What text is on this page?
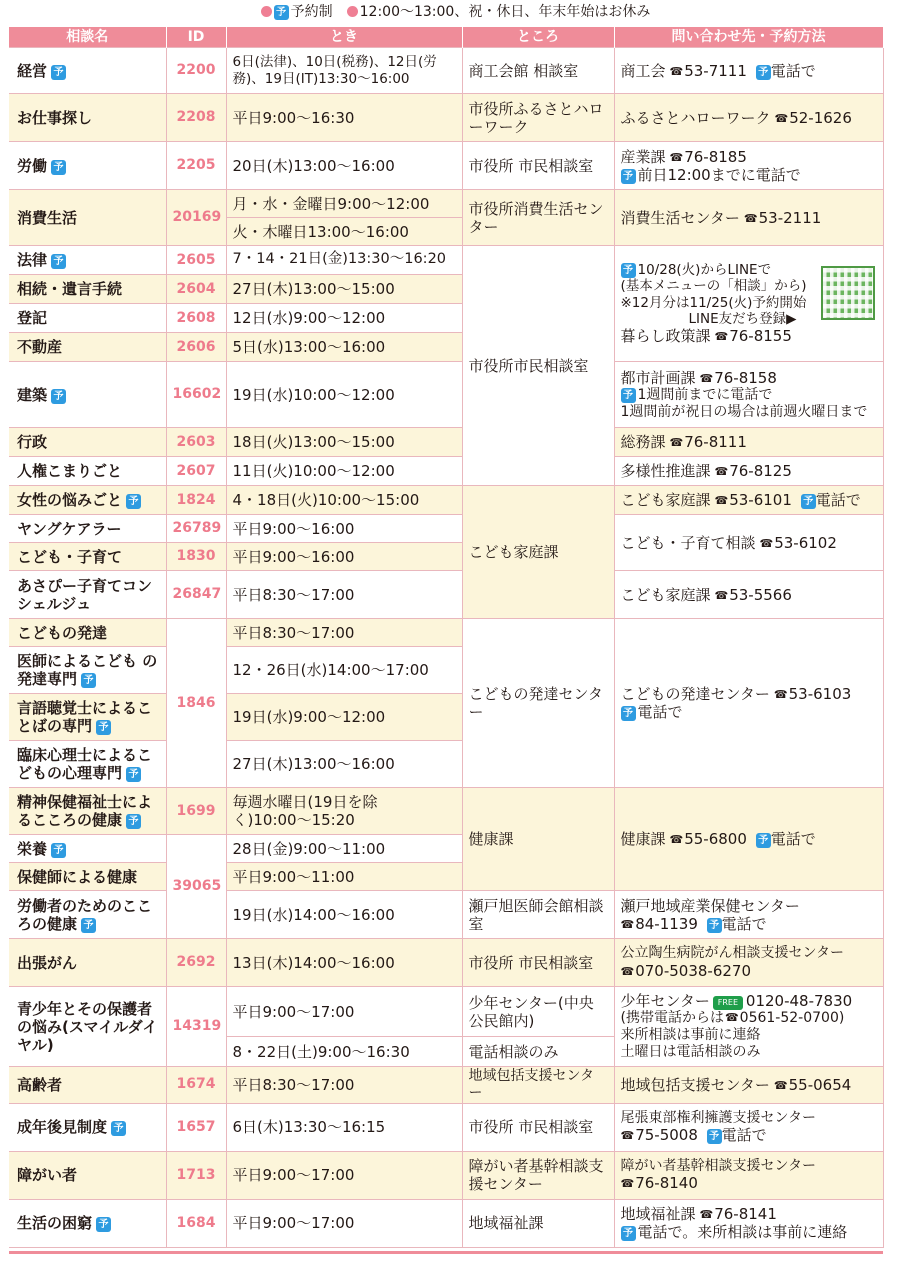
予 予約制 12:00〜13:00、祝・休日、年末年始はお休み
相談名	ID	とき	ところ	問い合わせ先・予約方法
経営 予	2200	6日(法律)、10日(税務)、12日(労務)、19日(IT)13:30〜16:00	商工会館 相談室	商工会 ☎53-7111 予 電話で
お仕事探し	2208	平日9:00〜16:30	市役所ふるさとハローワーク	ふるさとハローワーク ☎52-1626
労働 予	2205	20日(木)13:00〜16:00	市役所 市民相談室	産業課 ☎76-8185
予 前日12:00までに電話で

消費生活	20169	月・水・金曜日9:00〜12:00	市役所消費生活センター	消費生活センター ☎53-2111
		火・木曜日13:00〜16:00		
法律 予	2605	7・14・21日(金)13:30〜16:20	市役所市民相談室	予 10/28(火)からLINEで
(基本メニューの「相談」から)
※12月分は11/25(火)予約開始
LINE友だち登録▶
暮らし政策課 ☎76-8155

相続・遺言手続	2604	27日(木)13:00〜15:00		
登記	2608	12日(水)9:00〜12:00		
不動産	2606	5日(水)13:00〜16:00		
建築 予	16602	19日(水)10:00〜12:00		都市計画課 ☎76-8158
予 1週間前までに電話で
1週間前が祝日の場合は前週火曜日まで

行政	2603	18日(火)13:00〜15:00		総務課 ☎76-8111
人権こまりごと	2607	11日(火)10:00〜12:00		多様性推進課 ☎76-8125
女性の悩みごと 予	1824	4・18日(火)10:00〜15:00	こども家庭課	こども家庭課 ☎53-6101 予 電話で
ヤングケアラー	26789	平日9:00〜16:00		こども・子育て相談 ☎53-6102
こども・子育て	1830	平日9:00〜16:00		
あさぴー子育てコンシェルジュ	26847	平日8:30〜17:00		こども家庭課 ☎53-5566
こどもの発達	1846	平日8:30〜17:00	こどもの発達センター	こどもの発達センター ☎53-6103
予 電話で

医師によるこども の発達専門 予		12・26日(水)14:00〜17:00		
言語聴覚士によることばの専門 予		19日(水)9:00〜12:00		
臨床心理士によるこどもの心理専門 予		27日(木)13:00〜16:00		
精神保健福祉士によるこころの健康 予	1699	毎週水曜日(19日を除く)10:00〜15:20	健康課	健康課 ☎55-6800 予 電話で
栄養 予	39065	28日(金)9:00〜11:00		
保健師による健康		平日9:00〜11:00		
労働者のためのこころの健康 予		19日(水)14:00〜16:00	瀬戸旭医師会館相談室	瀬戸地域産業保健センター
☎84-1139 予 電話で

出張がん	2692	13日(木)14:00〜16:00	市役所 市民相談室	公立陶生病院がん相談支援センター
☎070-5038-6270

青少年とその保護者の悩み(スマイルダイヤル)	14319	平日9:00〜17:00	少年センター(中央公民館内)	少年センター FREE 0120-48-7830
(携帯電話からは☎0561-52-0700)
来所相談は事前に連絡
土曜日は電話相談のみ

		8・22日(土)9:00〜16:30	電話相談のみ	
高齢者	1674	平日8:30〜17:00	地域包括支援センター	地域包括支援センター ☎55-0654
成年後見制度 予	1657	6日(木)13:30〜16:15	市役所 市民相談室	尾張東部権利擁護支援センター
☎75-5008 予 電話で

障がい者	1713	平日9:00〜17:00	障がい者基幹相談支援センター	障がい者基幹相談支援センター
☎76-8140

生活の困窮 予	1684	平日9:00〜17:00	地域福祉課	地域福祉課 ☎76-8141
予 電話で。来所相談は事前に連絡
